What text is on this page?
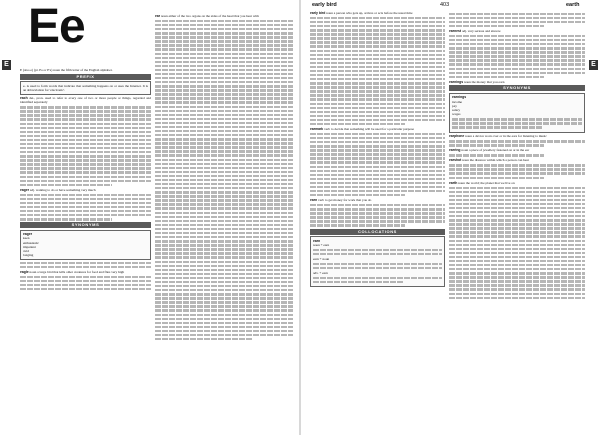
Ee
E

E (also e) (pl. Es or E's) noun the fifth letter of the English alphabet.

PREFIX
e- is used to form words that indicate that something happens on or uses the Internet. It is an abbreviation for 'electronic'.

each det., pron. used to refer to every one of two or more people or things, regarded and identified separately

eager adj. wanting to do or have something very much

SYNONYMS
eager
keen
enthusiastic
impatient
avid
longing

eagle noun a large bird that kills other creatures for food and flies very high

ear noun either of the two organs on the sides of the head that you hear with

early bird	403	earth
E

early bird noun a person who gets up, arrives or acts before the usual time

earmark verb to decide that something will be used for a particular purpose

earn verb to get money for work that you do

COLLOCATIONS
earn
noun + earn
earn + noun
adv. + earn

earnest adj. very serious and sincere

earnings noun the money that you earn

SYNONYMS
earnings
income
pay
salary
wages

earphone noun a device worn over or in the ears for listening to music

earring noun a piece of jewellery fastened on or in the ear

earshot noun the distance within which a person can hear

earth noun the world; the planet that we live on
